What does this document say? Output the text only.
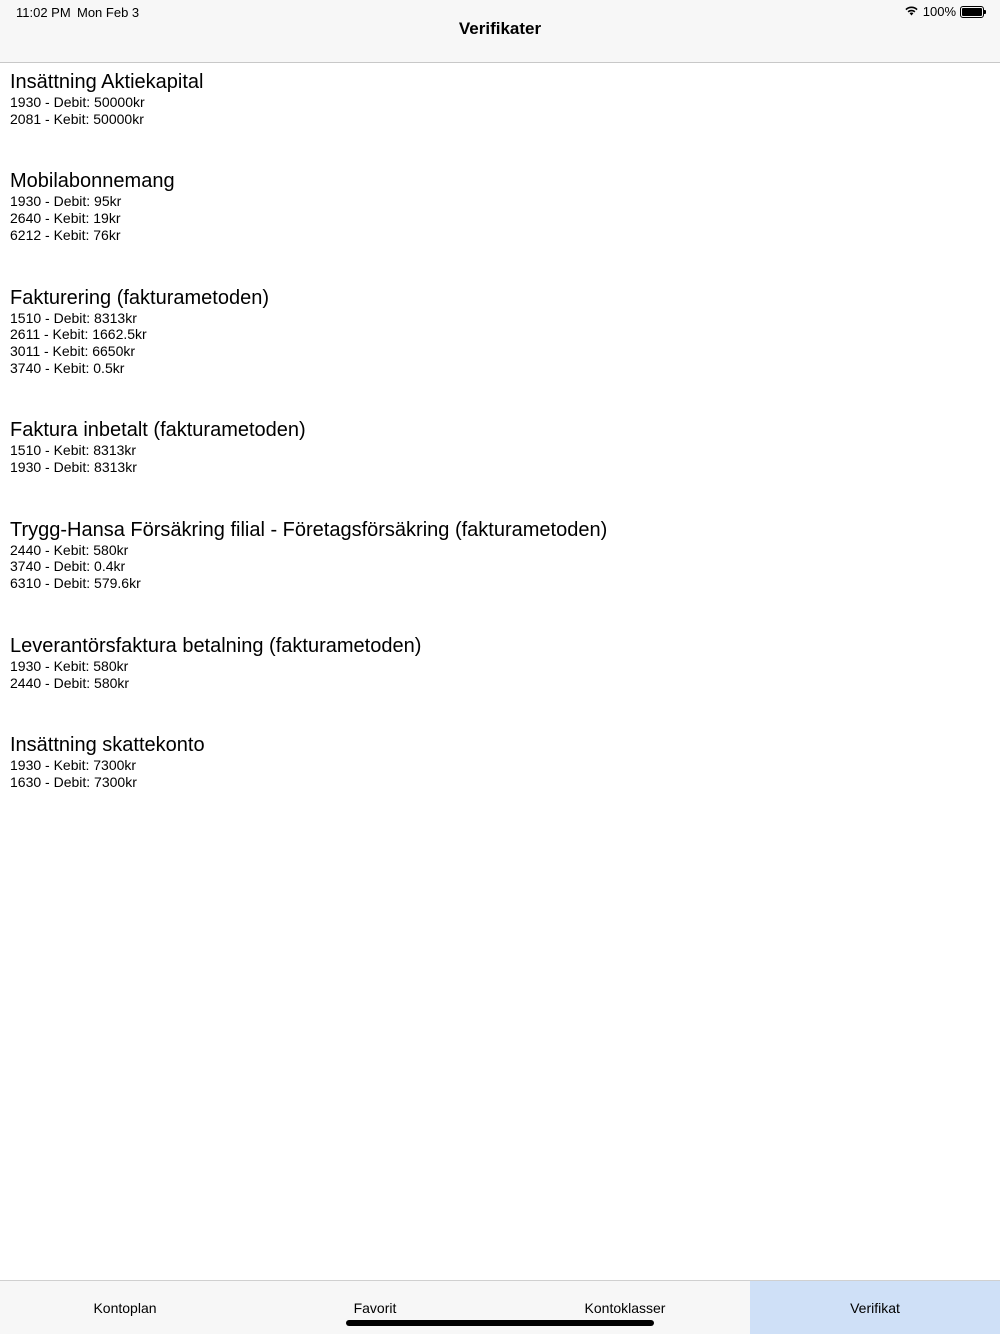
Verifikater
11:02 PM Mon Feb 3	100%
Insättning Aktiekapital
1930 - Debit: 50000kr
2081 - Kebit: 50000kr
Mobilabonnemang
1930 - Debit: 95kr
2640 - Kebit: 19kr
6212 - Kebit: 76kr
Fakturering (fakturametoden)
1510 - Debit: 8313kr
2611 - Kebit: 1662.5kr
3011 - Kebit: 6650kr
3740 - Kebit: 0.5kr
Faktura inbetalt (fakturametoden)
1510 - Kebit: 8313kr
1930 - Debit: 8313kr
Trygg-Hansa Försäkring filial - Företagsförsäkring (fakturametoden)
2440 - Kebit: 580kr
3740 - Debit: 0.4kr
6310 - Debit: 579.6kr
Leverantörsfaktura betalning (fakturametoden)
1930 - Kebit: 580kr
2440 - Debit: 580kr
Insättning skattekonto
1930 - Kebit: 7300kr
1630 - Debit: 7300kr
Kontoplan	Favorit	Kontoklasser	Verifikat
